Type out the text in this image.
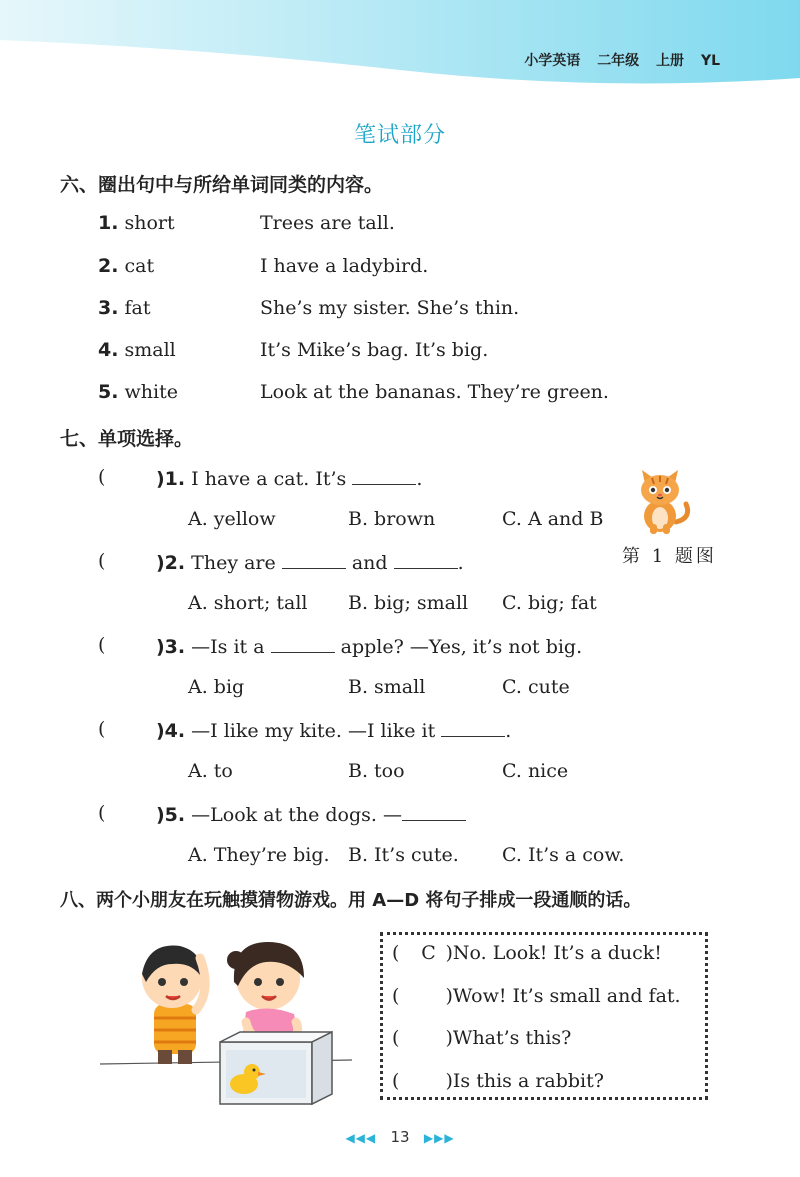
小学英语 二年级 上册 YL
笔试部分
六、圈出句中与所给单词同类的内容。
1. short	Trees are tall.
2. cat	I have a ladybird.
3. fat	She’s my sister. She’s thin.
4. small	It’s Mike’s bag. It’s big.
5. white	Look at the bananas. They’re green.
七、单项选择。
(	)1. I have a cat. It’s	.
A. yellow	B. brown	C. A and B
第 1 题图
(	)2. They are	and	.
A. short; tall B. big; small C. big; fat
(	)3. —Is it a	apple? —Yes, it’s not big.
A. big	B. small	C. cute
(	)4. —I like my kite. —I like it	.
A. to	B. too	C. nice
(	)5. —Look at the dogs. —
A. They’re big. B. It’s cute. C. It’s a cow.
八、两个小朋友在玩触摸猜物游戏。用 A—D 将句子排成一段通顺的话。
(  C )No. Look! It’s a duck!
(  )Wow! It’s small and fat.
(  )What’s this?
(  )Is this a rabbit?
◀◀◀ 13 ▶▶▶
